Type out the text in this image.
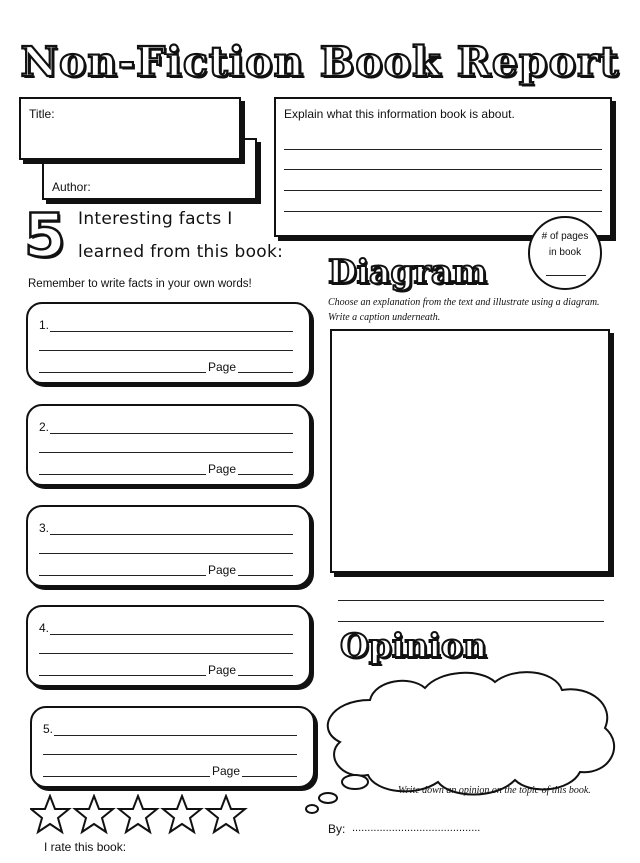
Non-Fiction Book Report
Author:
Title:	Explain what this information book is about.
# of pages
in book
5 Interesting facts I
learned from this book:
Remember to write facts in your own words!
1.
Page
2.
Page
3.
Page
4.
Page
5.
Page
Diagram
Choose an explanation from the text and illustrate using a diagram.
Write a caption underneath.
Opinion
Write down an opinion on the topic of this book.
I rate this book:
By: ..........................................
